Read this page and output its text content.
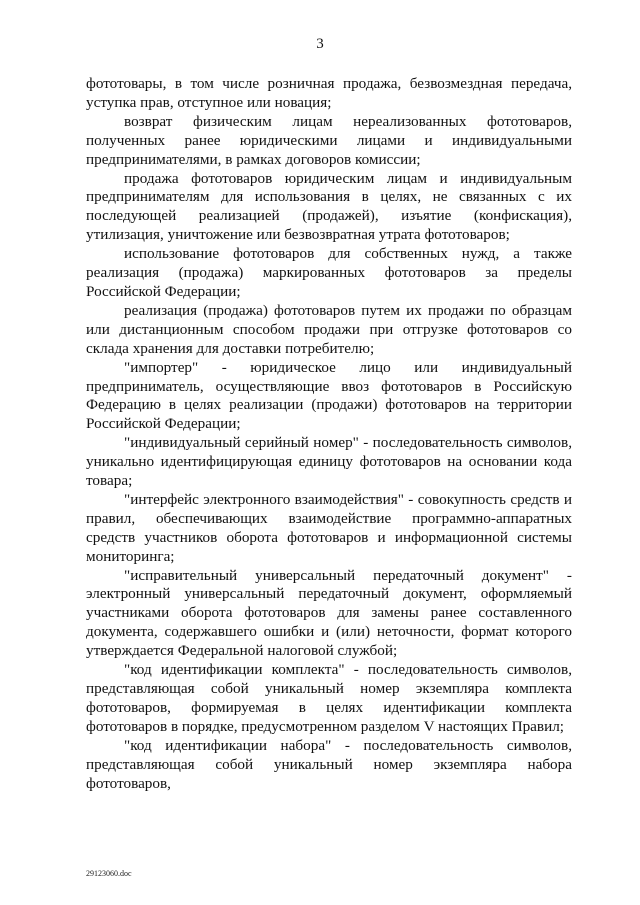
3

фототовары, в том числе розничная продажа, безвозмездная передача, уступка прав, отступное или новация;

возврат физическим лицам нереализованных фототоваров, полученных ранее юридическими лицами и индивидуальными предпринимателями, в рамках договоров комиссии;

продажа фототоваров юридическим лицам и индивидуальным предпринимателям для использования в целях, не связанных с их последующей реализацией (продажей), изъятие (конфискация), утилизация, уничтожение или безвозвратная утрата фототоваров;

использование фототоваров для собственных нужд, а также реализация (продажа) маркированных фототоваров за пределы Российской Федерации;

реализация (продажа) фототоваров путем их продажи по образцам или дистанционным способом продажи при отгрузке фототоваров со склада хранения для доставки потребителю;

"импортер" - юридическое лицо или индивидуальный предприниматель, осуществляющие ввоз фототоваров в Российскую Федерацию в целях реализации (продажи) фототоваров на территории Российской Федерации;

"индивидуальный серийный номер" - последовательность символов, уникально идентифицирующая единицу фототоваров на основании кода товара;

"интерфейс электронного взаимодействия" - совокупность средств и правил, обеспечивающих взаимодействие программно-аппаратных средств участников оборота фототоваров и информационной системы мониторинга;

"исправительный универсальный передаточный документ" - электронный универсальный передаточный документ, оформляемый участниками оборота фототоваров для замены ранее составленного документа, содержавшего ошибки и (или) неточности, формат которого утверждается Федеральной налоговой службой;

"код идентификации комплекта" - последовательность символов, представляющая собой уникальный номер экземпляра комплекта фототоваров, формируемая в целях идентификации комплекта фототоваров в порядке, предусмотренном разделом V настоящих Правил;

"код идентификации набора" - последовательность символов, представляющая собой уникальный номер экземпляра набора фототоваров,

29123060.doc
